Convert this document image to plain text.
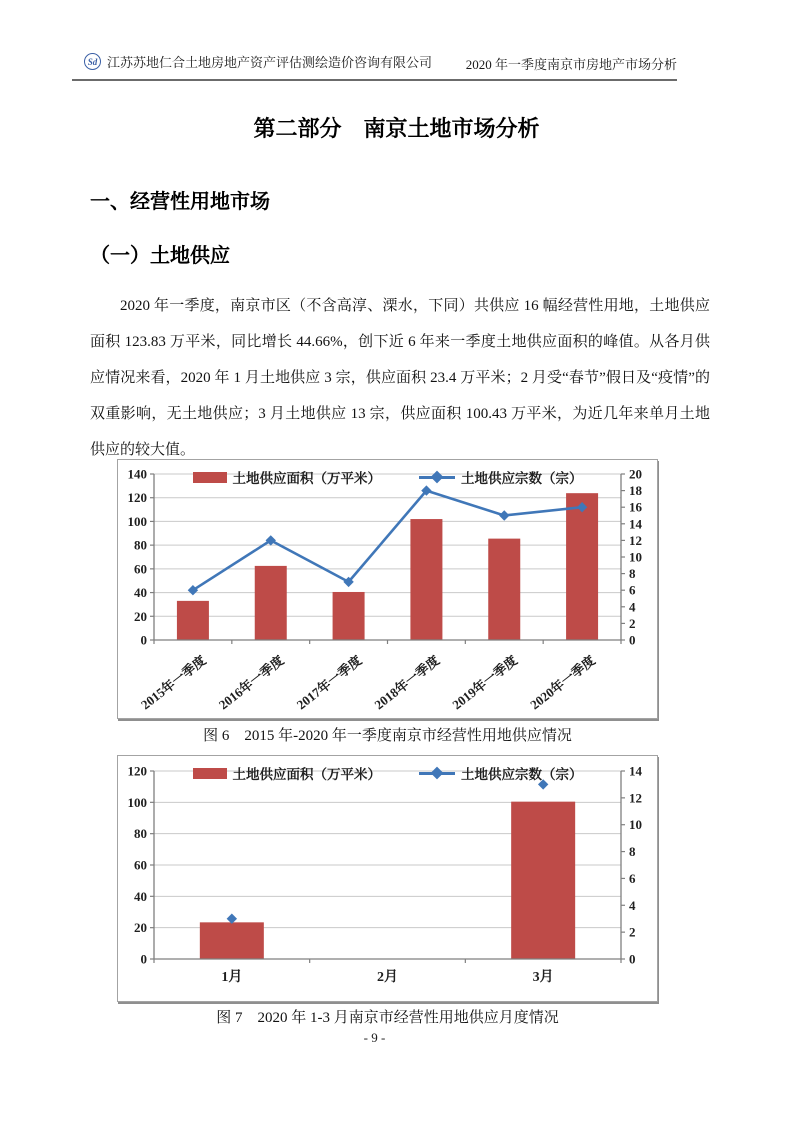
Sd 江苏苏地仁合土地房地产资产评估测绘造价咨询有限公司	2020 年一季度南京市房地产市场分析
第二部分　南京土地市场分析
一、经营性用地市场
（一）土地供应

2020 年一季度，南京市区（不含高淳、溧水，下同）共供应 16 幅经营性用地，土地供应面积 123.83 万平米，同比增长 44.66%，创下近 6 年来一季度土地供应面积的峰值。从各月供应情况来看，2020 年 1 月土地供应 3 宗，供应面积 23.4 万平米；2 月受“春节”假日及“疫情”的双重影响，无土地供应；3 月土地供应 13 宗，供应面积 100.43 万平米，为近几年来单月土地供应的较大值。

土地供应面积（万平米）	土地供应宗数（宗）
0
20
40
60
80
100
120
140
0
2
4
6
8
10
12
14
16
18
20
2015年一季度 2016年一季度 2017年一季度 2018年一季度 2019年一季度 2020年一季度
图 6　2015 年-2020 年一季度南京市经营性用地供应情况
土地供应面积（万平米）	土地供应宗数（宗）
0
20
40
60
80
100
120
0
2
4
6
8
10
12
14
1月	2月	3月
图 7　2020 年 1-3 月南京市经营性用地供应月度情况
- 9 -
